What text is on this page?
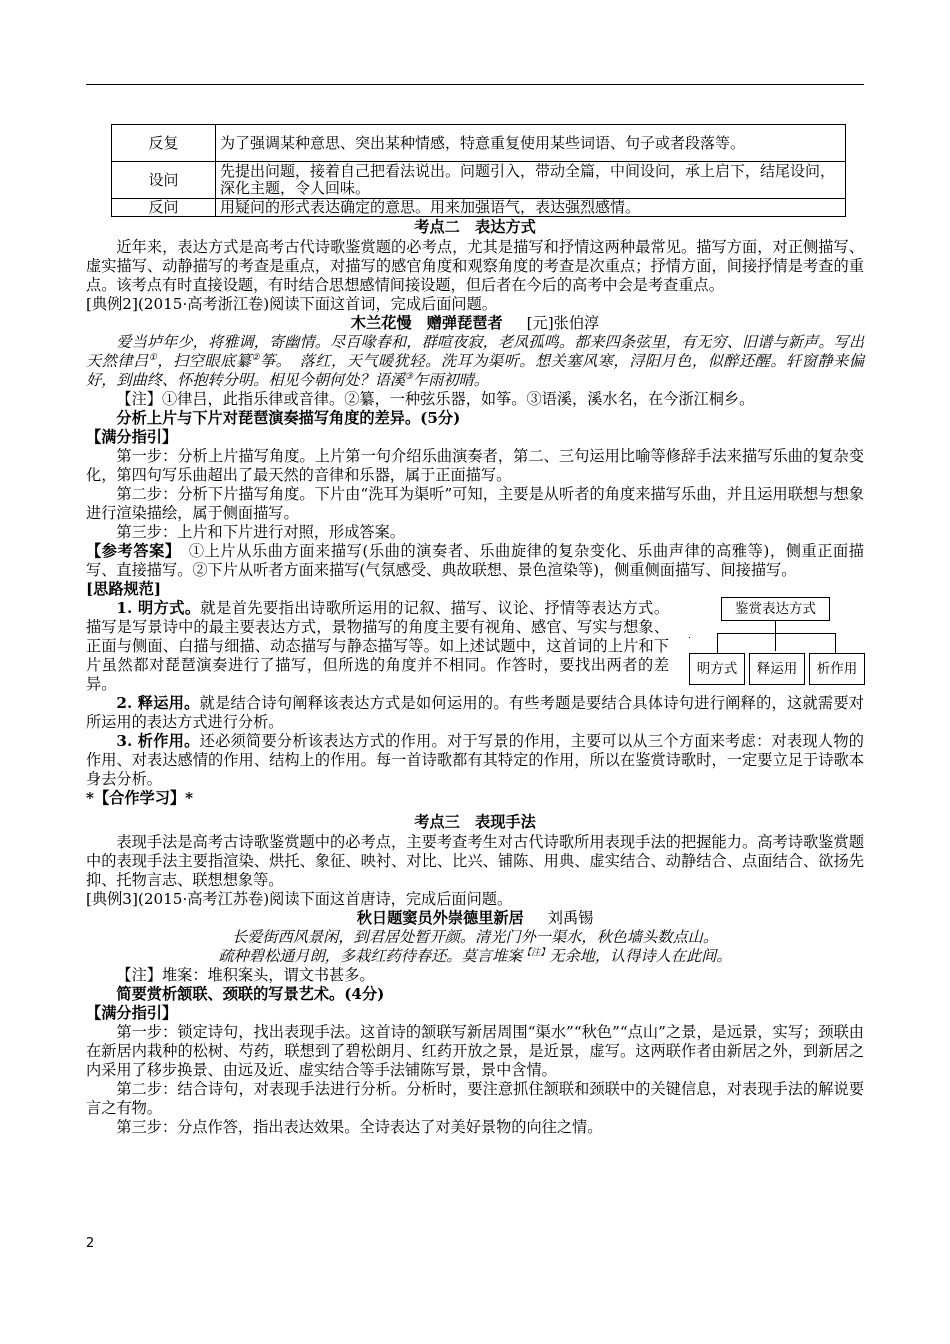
反复	为了强调某种意思、突出某种情感，特意重复使用某些词语、句子或者段落等。
设问	先提出问题，接着自己把看法说出。问题引入，带动全篇，中间设问，承上启下，结尾设问，深化主题，令人回味。
反问	用疑问的形式表达确定的意思。用来加强语气，表达强烈感情。
考点二　表达方式

近年来，表达方式是高考古代诗歌鉴赏题的必考点，尤其是描写和抒情这两种最常见。描写方面，对正侧描写、虚实描写、动静描写的考查是重点，对描写的感官角度和观察角度的考查是次重点；抒情方面，间接抒情是考查的重点。该考点有时直接设题，有时结合思想感情间接设题，但后者在今后的高考中会是考查重点。

[典例2](2015·高考浙江卷)阅读下面这首词，完成后面问题。

木兰花慢　赠弹琵琶者 [元]张伯淳

爱当垆年少，将雅调，寄幽情。尽百喙春和，群喧夜寂，老凤孤鸣。都来四条弦里，有无穷、旧谱与新声。写出天然律吕①，扫空眼底纂②筝。　落红，天气暖犹轻。洗耳为渠听。想关塞风寒，浔阳月色，似醉还醒。轩窗静来偏好，到曲终、怀抱转分明。相见今朝何处？语溪③乍雨初晴。

【注】①律吕，此指乐律或音律。②纂，一种弦乐器，如筝。③语溪，溪水名，在今浙江桐乡。

分析上片与下片对琵琶演奏描写角度的差异。(5分)

【满分指引】

第一步：分析上片描写角度。上片第一句介绍乐曲演奏者，第二、三句运用比喻等修辞手法来描写乐曲的复杂变化，第四句写乐曲超出了最天然的音律和乐器，属于正面描写。

第二步：分析下片描写角度。下片由“洗耳为渠听”可知，主要是从听者的角度来描写乐曲，并且运用联想与想象进行渲染描绘，属于侧面描写。

第三步：上片和下片进行对照，形成答案。

【参考答案】　 ①上片从乐曲方面来描写(乐曲的演奏者、乐曲旋律的复杂变化、乐曲声律的高雅等)，侧重正面描写、直接描写。②下片从听者方面来描写(气氛感受、典故联想、景色渲染等)，侧重侧面描写、间接描写。

[思路规范]

鉴赏表达方式
明方式	释运用	析作用

1. 明方式。就是首先要指出诗歌所运用的记叙、描写、议论、抒情等表达方式。描写是写景诗中的最主要表达方式，景物描写的角度主要有视角、感官、写实与想象、正面与侧面、白描与细描、动态描写与静态描写等。如上述试题中，这首词的上片和下片虽然都对琵琶演奏进行了描写，但所选的角度并不相同。作答时，要找出两者的差异。

2. 释运用。就是结合诗句阐释该表达方式是如何运用的。有些考题是要结合具体诗句进行阐释的，这就需要对所运用的表达方式进行分析。

3. 析作用。还必须简要分析该表达方式的作用。对于写景的作用，主要可以从三个方面来考虑：对表现人物的作用、对表达感情的作用、结构上的作用。每一首诗歌都有其特定的作用，所以在鉴赏诗歌时，一定要立足于诗歌本身去分析。

*【合作学习】*

考点三　表现手法

表现手法是高考古诗歌鉴赏题中的必考点，主要考查考生对古代诗歌所用表现手法的把握能力。高考诗歌鉴赏题中的表现手法主要指渲染、烘托、象征、映衬、对比、比兴、铺陈、用典、虚实结合、动静结合、点面结合、欲扬先抑、托物言志、联想想象等。

[典例3](2015·高考江苏卷)阅读下面这首唐诗，完成后面问题。

秋日题窦员外崇德里新居 刘禹锡

长爱街西风景闲，到君居处暂开颜。清光门外一渠水，秋色墙头数点山。

疏种碧松通月朗，多栽红药待春还。莫言堆案$^{【注】}$无余地，认得诗人在此间。

【注】堆案：堆积案头，谓文书甚多。

简要赏析颔联、颈联的写景艺术。(4分)

【满分指引】

第一步：锁定诗句，找出表现手法。这首诗的颔联写新居周围“渠水”“秋色”“点山”之景，是远景，实写；颈联由在新居内栽种的松树、芍药，联想到了碧松朗月、红药开放之景，是近景，虚写。这两联作者由新居之外，到新居之内采用了移步换景、由远及近、虚实结合等手法铺陈写景，景中含情。

第二步：结合诗句，对表现手法进行分析。分析时，要注意抓住颔联和颈联中的关键信息，对表现手法的解说要言之有物。

第三步：分点作答，指出表达效果。全诗表达了对美好景物的向往之情。

2
